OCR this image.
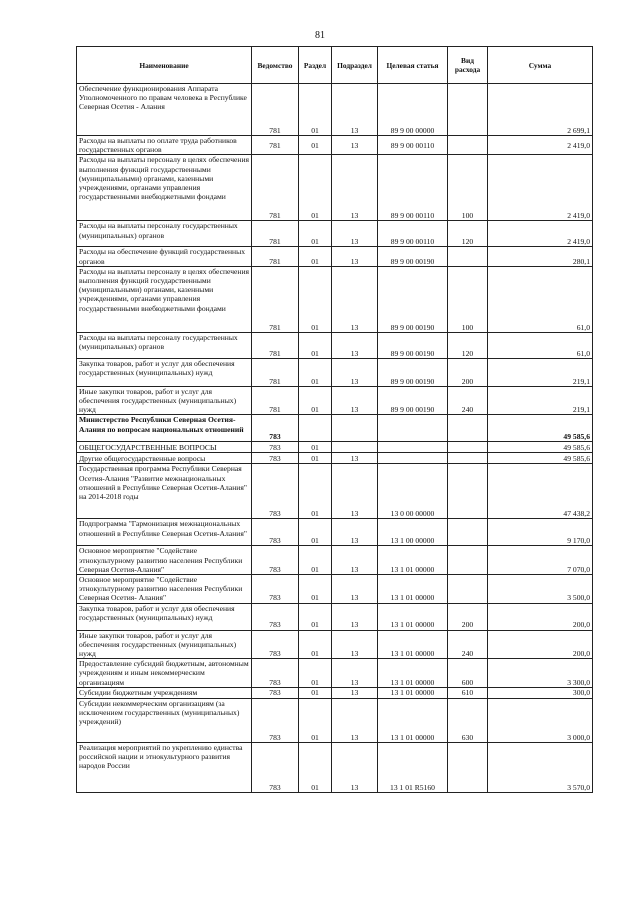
81
Наименование	Ведомство	Раздел	Подраздел	Целевая статья	Вид расхода	Сумма
Обеспечение функционирования Аппарата Уполномоченного по правам человека в Республике Северная Осетия - Алания	781	01	13	89 9 00 00000		2 699,1
Расходы на выплаты по оплате труда работников государственных органов	781	01	13	89 9 00 00110		2 419,0
Расходы на выплаты персоналу в целях обеспечения выполнения функций государственными (муниципальными) органами, казенными учреждениями, органами управления государственными внебюджетными фондами	781	01	13	89 9 00 00110	100	2 419,0
Расходы на выплаты персоналу государственных (муниципальных) органов	781	01	13	89 9 00 00110	120	2 419,0
Расходы на обеспечение функций государственных органов	781	01	13	89 9 00 00190		280,1
Расходы на выплаты персоналу в целях обеспечения выполнения функций государственными (муниципальными) органами, казенными учреждениями, органами управления государственными внебюджетными фондами	781	01	13	89 9 00 00190	100	61,0
Расходы на выплаты персоналу государственных (муниципальных) органов	781	01	13	89 9 00 00190	120	61,0
Закупка товаров, работ и услуг для обеспечения государственных (муниципальных) нужд	781	01	13	89 9 00 00190	200	219,1
Иные закупки товаров, работ и услуг для обеспечения государственных (муниципальных) нужд	781	01	13	89 9 00 00190	240	219,1
Министерство Республики Северная Осетия-Алания по вопросам национальных отношений	783					49 585,6
ОБЩЕГОСУДАРСТВЕННЫЕ ВОПРОСЫ	783	01				49 585,6
Другие общегосударственные вопросы	783	01	13			49 585,6
Государственная программа Республики Северная Осетия-Алания "Развитие межнациональных отношений в Республике Северная Осетия-Алания" на 2014-2018 годы	783	01	13	13 0 00 00000		47 438,2
Подпрограмма "Гармонизация межнациональных отношений в Республике Северная Осетия-Алания"	783	01	13	13 1 00 00000		9 170,0
Основное мероприятие "Содействие этнокультурному развитию населения Республики Северная Осетия-Алания"	783	01	13	13 1 01 00000		7 070,0
Основное мероприятие "Содействие этнокультурному развитию населения Республики Северная Осетия- Алания"	783	01	13	13 1 01 00000		3 500,0
Закупка товаров, работ и услуг для обеспечения государственных (муниципальных) нужд	783	01	13	13 1 01 00000	200	200,0
Иные закупки товаров, работ и услуг для обеспечения государственных (муниципальных) нужд	783	01	13	13 1 01 00000	240	200,0
Предоставление субсидий бюджетным, автономным учреждениям и иным некоммерческим организациям	783	01	13	13 1 01 00000	600	3 300,0
Субсидии бюджетным учреждениям	783	01	13	13 1 01 00000	610	300,0
Субсидии некоммерческим организациям (за исключением государственных (муниципальных) учреждений)	783	01	13	13 1 01 00000	630	3 000,0
Реализация мероприятий по укреплению единства российской нации и этнокультурного развития народов России	783	01	13	13 1 01 R5160		3 570,0
